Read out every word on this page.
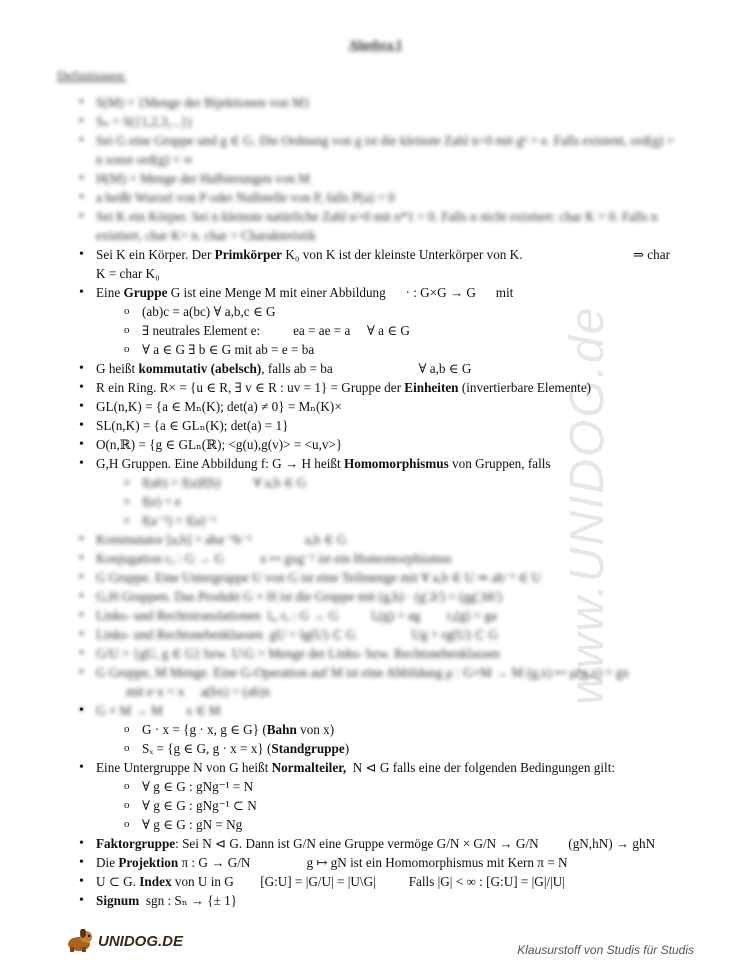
www.UNIDOG.de
Algebra I
Definitionen:
• S(M) = {Menge der Bijektionen von M}
• Sₙ = S({1,2,3,...})
• Sei G eine Gruppe und g ∈ G. Die Ordnung von g ist die kleinste Zahl n>0 mit gⁿ = e. Falls existent, ord(g) = n sonst ord(g) = ∞
• H(M) = Menge der Halbierungen von M
• a heißt Wurzel von P oder Nullstelle von P, falls P(a) = 0
• Sei K ein Körper. Sei n kleinste natürliche Zahl n>0 mit n*1 = 0. Falls n nicht existiert: char K = 0. Falls n existiert, char K= n. char = Charakteristik
• Sei K ein Körper. Der Primkörper K₀ von K ist der kleinste Unterkörper von K.	⇒ char

K = char K₀
• Eine Gruppe G ist eine Menge M mit einer Abbildung      · : G×G → G      mit
o (ab)c = a(bc) ∀ a,b,c ∈ G
o ∃ neutrales Element e:          ea = ae = a     ∀ a ∈ G
o ∀ a ∈ G ∃ b ∈ G mit ab = e = ba
• G heißt kommutativ (abelsch), falls ab = ba                          ∀ a,b ∈ G
• R ein Ring. R× = {u ∈ R, ∃ v ∈ R : uv = 1} = Gruppe der Einheiten (invertierbare Elemente)
• GL(n,K) = {a ∈ Mₙ(K); det(a) ≠ 0} = Mₙ(K)×
• SL(n,K) = {a ∈ GLₙ(K); det(a) = 1}
• O(n,ℝ) = {g ∈ GLₙ(ℝ); <g(u),g(v)> = <u,v>}
• G,H Gruppen. Eine Abbildung f: G → H heißt Homomorphismus von Gruppen, falls
o f(ab) = f(a)f(b)          ∀ a,b ∈ G
o f(e) = e
o f(a⁻¹) = f(a)⁻¹
• Kommutator [a,b] = aba⁻¹b⁻¹                a,b ∈ G
• Konjugation cₐ : G → G           x ↦ gxg⁻¹ ist ein Homomorphismus
• G Gruppe. Eine Untergruppe U von G ist eine Teilmenge mit ∀ a,b ∈ U ⇒ ab⁻¹ ∈ U
• G,H Gruppen. Das Produkt G × H ist die Gruppe mit (g,h) · (g',h') = (gg',hh')
• Links- und Rechtstranslationen  lₐ, rₐ : G → G          lₐ(g) = ag        rₐ(g) = ga
• Links- und Rechtsnebenklassen  gU = lg(U) ⊂ G                 Ug = rg(U) ⊂ G
• G/U = {gU, g ∈ G} bzw. U\G = Menge der Links- bzw. Rechtsnebenklassen
• G Gruppe, M Menge. Eine G-Operation auf M ist eine Abbildung μ : G×M → M (g,x) ↦ μ(g,x) = gx
mit e·x = x     a(bx) = (ab)x
• G × M → M       x ∈ M
o • G · x = {g · x, g ∈ G} (Bahn von x)
o Sₓ = {g ∈ G, g · x = x} (Standgruppe)
• Eine Untergruppe N von G heißt Normalteiler,  N ⊲ G falls eine der folgenden Bedingungen gilt:
o ∀ g ∈ G : gNg⁻¹ = N
o ∀ g ∈ G : gNg⁻¹ ⊂ N
o ∀ g ∈ G : gN = Ng
• Faktorgruppe: Sei N ⊲ G. Dann ist G/N eine Gruppe vermöge G/N × G/N → G/N         (gN,hN) → ghN
• Die Projektion π : G → G/N                 g ↦ gN ist ein Homomorphismus mit Kern π = N
• U ⊂ G. Index von U in G        [G:U] = |G/U| = |U\G|          Falls |G| < ∞ : [G:U] = |G|/|U|
• Signum  sgn : Sₙ → {± 1}
UNIDOG.DE
Klausurstoff von Studis für Studis
